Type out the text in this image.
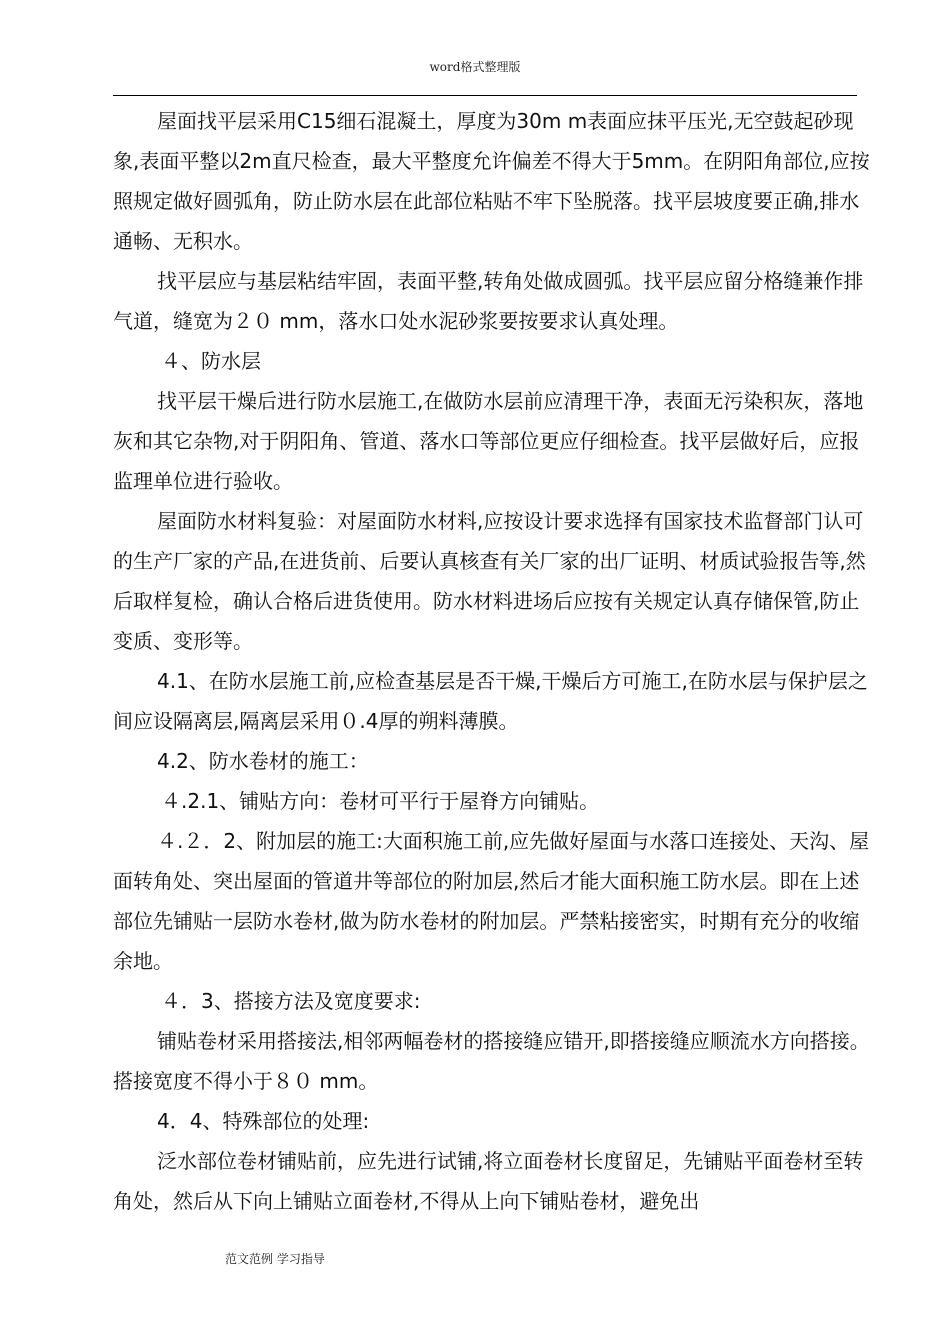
word格式整理版

屋面找平层采用C15细石混凝土，厚度为30m m表面应抹平压光,无空鼓起砂现象,表面平整以2m直尺检查，最大平整度允许偏差不得大于5mm。在阴阳角部位,应按照规定做好圆弧角，防止防水层在此部位粘贴不牢下坠脱落。找平层坡度要正确,排水通畅、无积水。

找平层应与基层粘结牢固，表面平整,转角处做成圆弧。找平层应留分格缝兼作排气道，缝宽为２０ mm，落水口处水泥砂浆要按要求认真处理。

４、防水层

找平层干燥后进行防水层施工,在做防水层前应清理干净，表面无污染积灰，落地灰和其它杂物,对于阴阳角、管道、落水口等部位更应仔细检查。找平层做好后，应报监理单位进行验收。

屋面防水材料复验：对屋面防水材料,应按设计要求选择有国家技术监督部门认可的生产厂家的产品,在进货前、后要认真核查有关厂家的出厂证明、材质试验报告等,然后取样复检，确认合格后进货使用。防水材料进场后应按有关规定认真存储保管,防止变质、变形等。

4.1、在防水层施工前,应检查基层是否干燥,干燥后方可施工,在防水层与保护层之间应设隔离层,隔离层采用０.4厚的朔料薄膜。

4.2、防水卷材的施工：

４.2.1、铺贴方向：卷材可平行于屋脊方向铺贴。

４.２．2、附加层的施工:大面积施工前,应先做好屋面与水落口连接处、天沟、屋面转角处、突出屋面的管道井等部位的附加层,然后才能大面积施工防水层。即在上述部位先铺贴一层防水卷材,做为防水卷材的附加层。严禁粘接密实，时期有充分的收缩余地。

４．3、搭接方法及宽度要求:

铺贴卷材采用搭接法,相邻两幅卷材的搭接缝应错开,即搭接缝应顺流水方向搭接。搭接宽度不得小于８０ mm。

4．4、特殊部位的处理:

泛水部位卷材铺贴前，应先进行试铺,将立面卷材长度留足，先铺贴平面卷材至转角处，然后从下向上铺贴立面卷材,不得从上向下铺贴卷材，避免出

范文范例 学习指导
